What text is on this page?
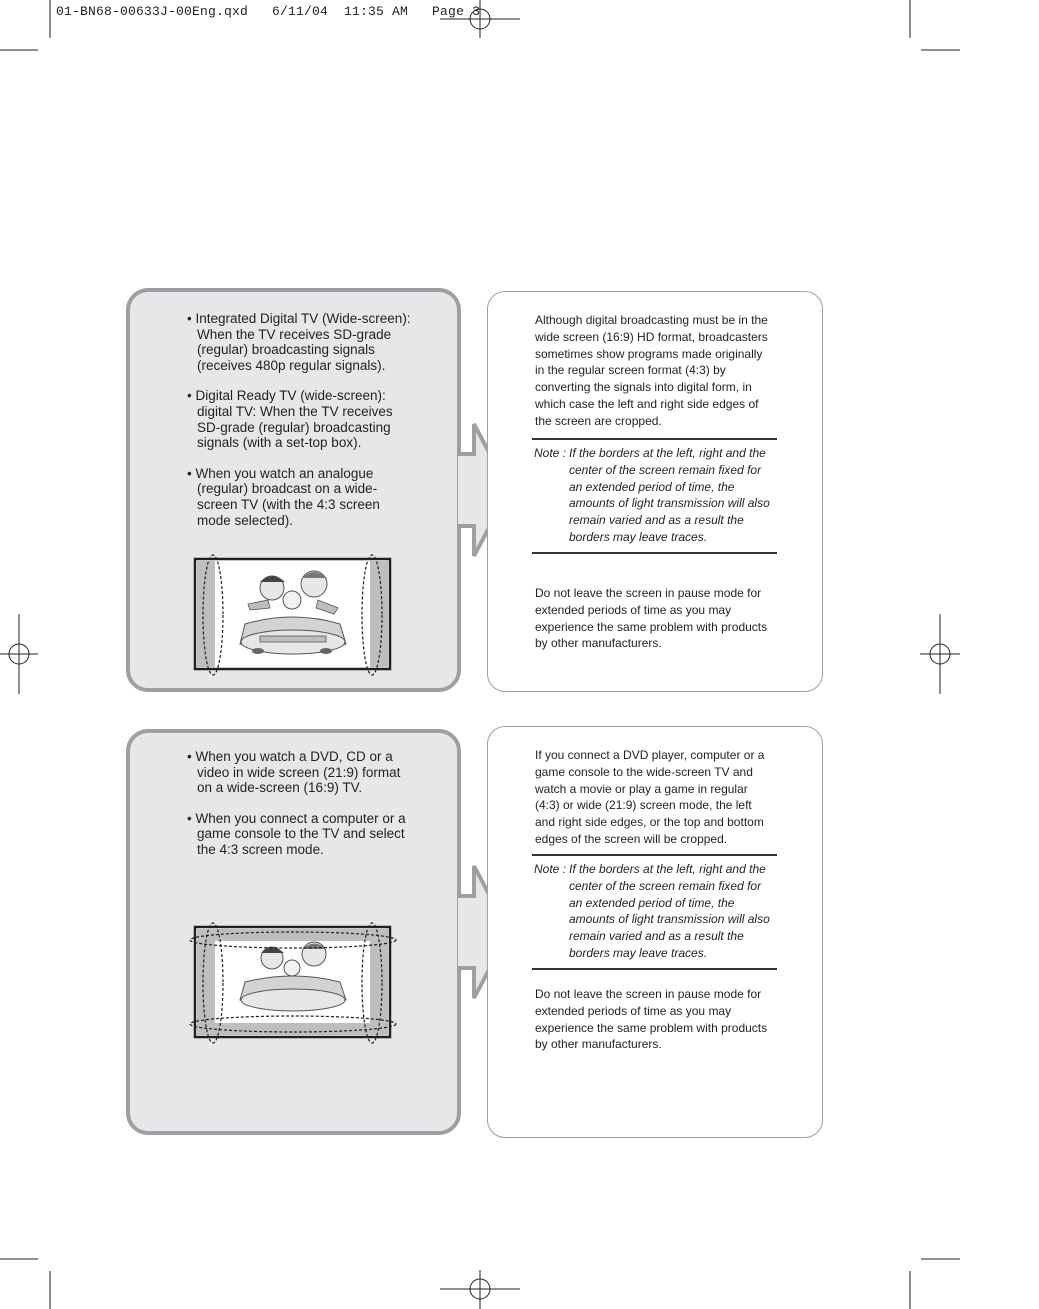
01-BN68-00633J-00Eng.qxd   6/11/04  11:35 AM   Page 3
• Integrated Digital TV (Wide-screen): When the TV receives SD-grade (regular) broadcasting signals (receives 480p regular signals).
• Digital Ready TV (wide-screen): digital TV: When the TV receives SD-grade (regular) broadcasting signals (with a set-top box).
• When you watch an analogue (regular) broadcast on a wide-screen TV (with the 4:3 screen mode selected).

Although digital broadcasting must be in the wide screen (16:9) HD format, broadcasters sometimes show programs made originally in the regular screen format (4:3) by converting the signals into digital form, in which case the left and right side edges of the screen are cropped.

Note : If the borders at the left, right and the center of the screen remain fixed for an extended period of time, the amounts of light transmission will also remain varied and as a result the borders may leave traces.

Do not leave the screen in pause mode for extended periods of time as you may experience the same problem with products by other manufacturers.

• When you watch a DVD, CD or a video in wide screen (21:9) format on a wide-screen (16:9) TV.
• When you connect a computer or a game console to the TV and select the 4:3 screen mode.

If you connect a DVD player, computer or a game console to the wide-screen TV and watch a movie or play a game in regular (4:3) or wide (21:9) screen mode, the left and right side edges, or the top and bottom edges of the screen will be cropped.

Note : If the borders at the left, right and the center of the screen remain fixed for an extended period of time, the amounts of light transmission will also remain varied and as a result the borders may leave traces.

Do not leave the screen in pause mode for extended periods of time as you may experience the same problem with products by other manufacturers.
